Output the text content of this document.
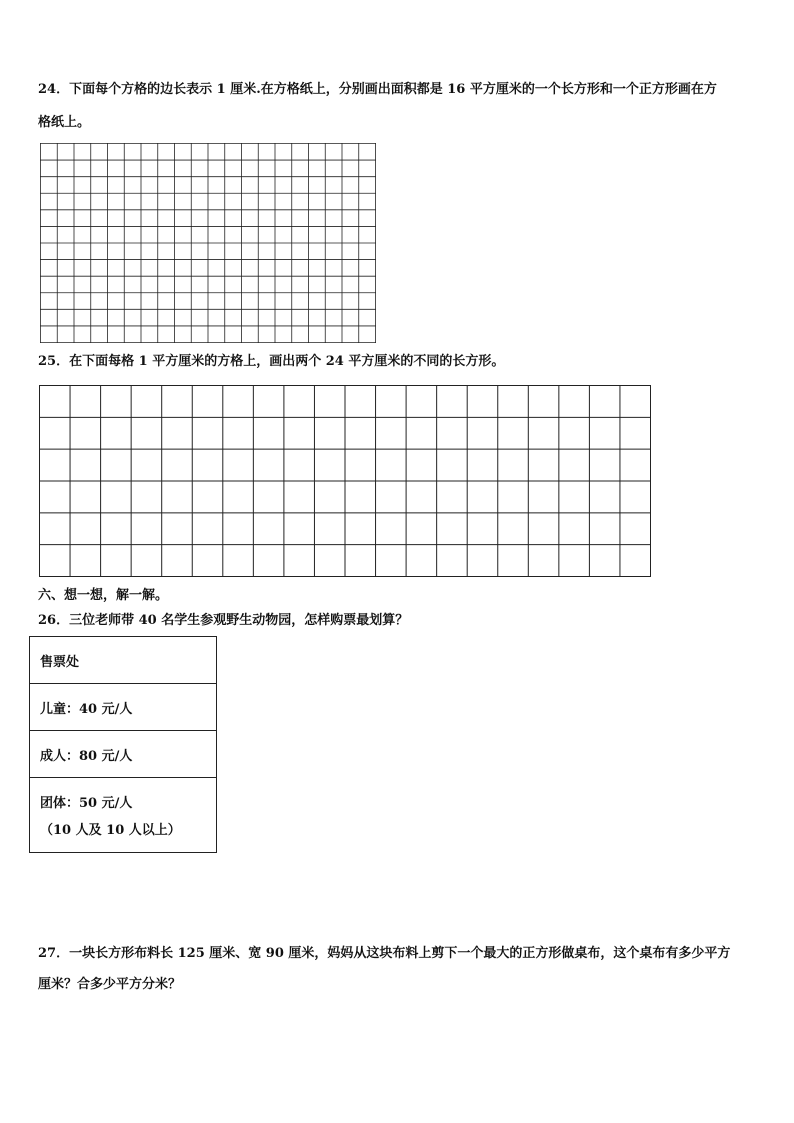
24．下面每个方格的边长表示 1 厘米.在方格纸上，分别画出面积都是 16 平方厘米的一个长方形和一个正方形画在方
格纸上。
25．在下面每格 1 平方厘米的方格上，画出两个 24 平方厘米的不同的长方形。
六、想一想，解一解。
26．三位老师带 40 名学生参观野生动物园，怎样购票最划算？
售票处
儿童：40 元/人
成人：80 元/人
团体：50 元/人
（10 人及 10 人以上）
27．一块长方形布料长 125 厘米、宽 90 厘米，妈妈从这块布料上剪下一个最大的正方形做桌布，这个桌布有多少平方
厘米？合多少平方分米？
